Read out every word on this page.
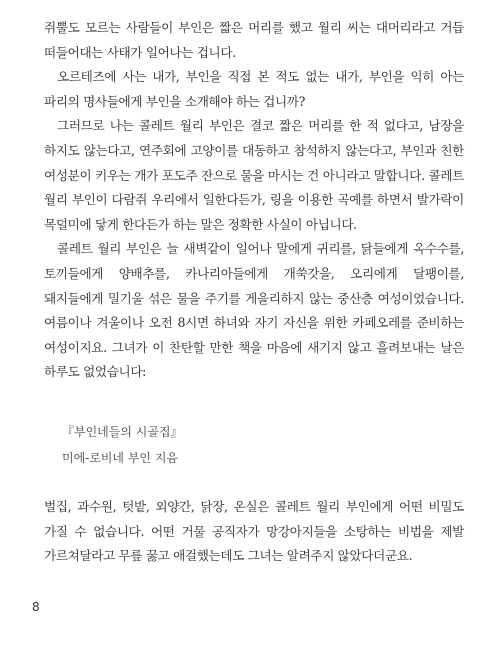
쥐뿔도 모르는 사람들이 부인은 짧은 머리를 했고 월리 씨는 대머리라고 거듭 떠들어대는 사태가 일어나는 겁니다.

오르테즈에 사는 내가, 부인을 직접 본 적도 없는 내가, 부인을 익히 아는 파리의 명사들에게 부인을 소개해야 하는 겁니까?

그러므로 나는 콜레트 월리 부인은 결코 짧은 머리를 한 적 없다고, 남장을 하지도 않는다고, 연주회에 고양이를 대동하고 참석하지 않는다고, 부인과 친한 여성분이 키우는 개가 포도주 잔으로 물을 마시는 건 아니라고 말합니다. 콜레트 월리 부인이 다람쥐 우리에서 일한다든가, 링을 이용한 곡예를 하면서 발가락이 목덜미에 닿게 한다든가 하는 말은 정확한 사실이 아닙니다.

콜레트 월리 부인은 늘 새벽같이 일어나 말에게 귀리를, 닭들에게 옥수수를, 토끼들에게 양배추를, 카나리아들에게 개쑥갓을, 오리에게 달팽이를, 돼지들에게 밀기울 섞은 물을 주기를 게을리하지 않는 중산층 여성이었습니다. 여름이나 겨울이나 오전 8시면 하녀와 자기 자신을 위한 카페오레를 준비하는 여성이지요. 그녀가 이 찬탄할 만한 책을 마음에 새기지 않고 흘려보내는 날은 하루도 없었습니다:

『부인네들의 시골집』
미에-로비네 부인 지음

벌집, 과수원, 텃밭, 외양간, 닭장, 온실은 콜레트 월리 부인에게 어떤 비밀도 가질 수 없습니다. 어떤 거물 공직자가 망강아지들을 소탕하는 비법을 제발 가르쳐달라고 무릎 꿇고 애걸했는데도 그녀는 알려주지 않았다더군요.

8
